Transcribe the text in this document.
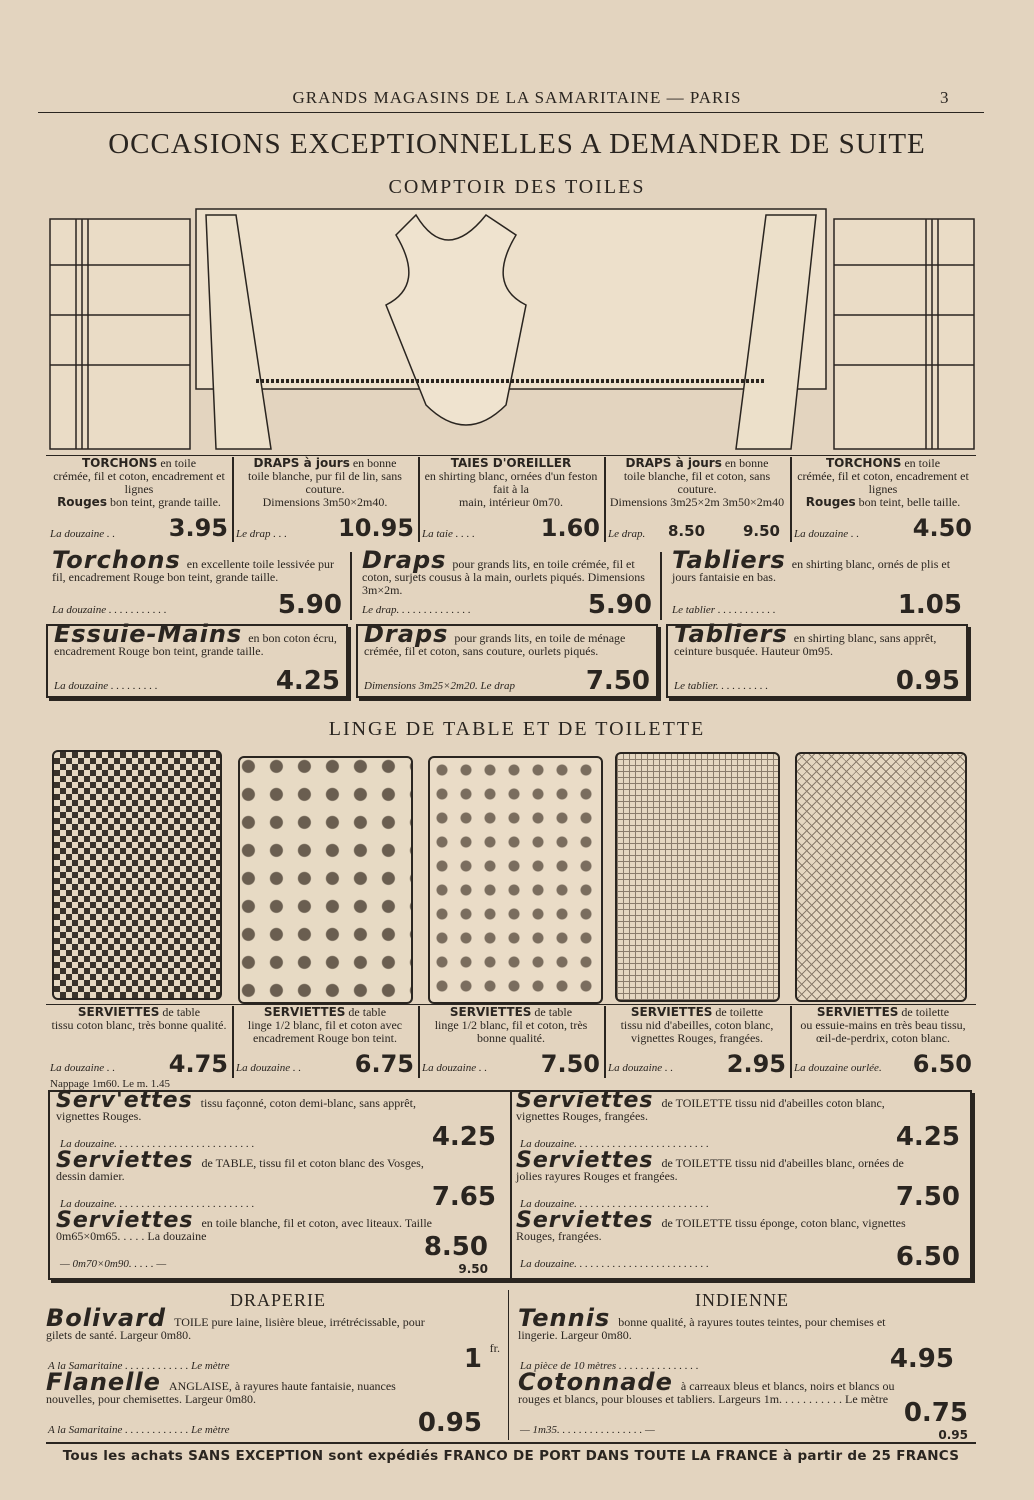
GRANDS MAGASINS DE LA SAMARITAINE — PARIS	3
OCCASIONS EXCEPTIONNELLES A DEMANDER DE SUITE
COMPTOIR DES TOILES
TORCHONS en toile
crémée, fil et coton, encadrement et lignes
Rouges bon teint, grande taille.
La douzaine . . 3.95
DRAPS à jours en bonne
toile blanche, pur fil de lin, sans couture.
Dimensions 3m50×2m40.
Le drap . . . 10.95
TAIES D'OREILLER
en shirting blanc, ornées d'un feston fait à la
main, intérieur 0m70.
La taie . . . .	1.60
DRAPS à jours en bonne
toile blanche, fil et coton, sans couture.
Dimensions 3m25×2m 3m50×2m40
Le drap. 8.50	9.50
TORCHONS en toile
crémée, fil et coton, encadrement et lignes
Rouges bon teint, belle taille.
La douzaine . . 4.50
Torchons en excellente toile lessivée pur fil, encadrement Rouge bon teint, grande taille.
La douzaine . . . . . . . . . . .	5.90
Draps pour grands lits, en toile crémée, fil et coton, surjets cousus à la main, ourlets piqués. Dimensions 3m×2m.
Le drap. . . . . . . . . . . . . .	5.90
Tabliers en shirting blanc, ornés de plis et jours fantaisie en bas.
Le tablier . . . . . . . . . . .	1.05
Essuie-Mains en bon coton écru, encadrement Rouge bon teint, grande taille.
La douzaine . . . . . . . . .	4.25
Draps pour grands lits, en toile de ménage crémée, fil et coton, sans couture, ourlets piqués.
Dimensions 3m25×2m20. Le drap	7.50
Tabliers en shirting blanc, sans apprêt, ceinture busquée. Hauteur 0m95.
Le tablier. . . . . . . . . .	0.95
LINGE DE TABLE ET DE TOILETTE
SERVIETTES de table
tissu coton blanc, très bonne qualité.
La douzaine . . 4.75
Nappage 1m60. Le m. 1.45
SERVIETTES de table
linge 1/2 blanc, fil et coton avec encadrement Rouge bon teint.
La douzaine . . 6.75
SERVIETTES de table
linge 1/2 blanc, fil et coton, très bonne qualité.
La douzaine . . 7.50
SERVIETTES de toilette
tissu nid d'abeilles, coton blanc, vignettes Rouges, frangées.
La douzaine . . 2.95
SERVIETTES de toilette
ou essuie-mains en très beau tissu, œil-de-perdrix, coton blanc.
La douzaine ourlée. 6.50
Serv'ettes tissu façonné, coton demi-blanc, sans apprêt, vignettes Rouges.
La douzaine. . . . . . . . . . . . . . . . . . . . . . . . . .	4.25
Serviettes de TABLE, tissu fil et coton blanc des Vosges, dessin damier.
La douzaine. . . . . . . . . . . . . . . . . . . . . . . . . .	7.65
Serviettes en toile blanche, fil et coton, avec liteaux. Taille 0m65×0m65. . . . . La douzaine
— 0m70×0m90. . . . . —
8.50
9.50
Serviettes de TOILETTE tissu nid d'abeilles coton blanc, vignettes Rouges, frangées.
La douzaine. . . . . . . . . . . . . . . . . . . . . . . . .	4.25
Serviettes de TOILETTE tissu nid d'abeilles blanc, ornées de jolies rayures Rouges et frangées.
La douzaine. . . . . . . . . . . . . . . . . . . . . . . . .	7.50
Serviettes de TOILETTE tissu éponge, coton blanc, vignettes Rouges, frangées.
La douzaine. . . . . . . . . . . . . . . . . . . . . . . . .	6.50
DRAPERIE	INDIENNE
Bolivard TOILE pure laine, lisière bleue, irrétrécissable, pour gilets de santé. Largeur 0m80.
A la Samaritaine . . . . . . . . . . . . Le mètre	1 fr.
Flanelle ANGLAISE, à rayures haute fantaisie, nuances nouvelles, pour chemisettes. Largeur 0m80.
A la Samaritaine . . . . . . . . . . . . Le mètre	0.95
Tennis bonne qualité, à rayures toutes teintes, pour chemises et lingerie. Largeur 0m80.
La pièce de 10 mètres . . . . . . . . . . . . . . .	4.95
Cotonnade à carreaux bleus et blancs, noirs et blancs ou rouges et blancs, pour blouses et tabliers. Largeurs 1m. . . . . . . . . . . Le mètre
— 1m35. . . . . . . . . . . . . . . . —
0.75
0.95
Tous les achats SANS EXCEPTION sont expédiés FRANCO DE PORT DANS TOUTE LA FRANCE à partir de 25 FRANCS
